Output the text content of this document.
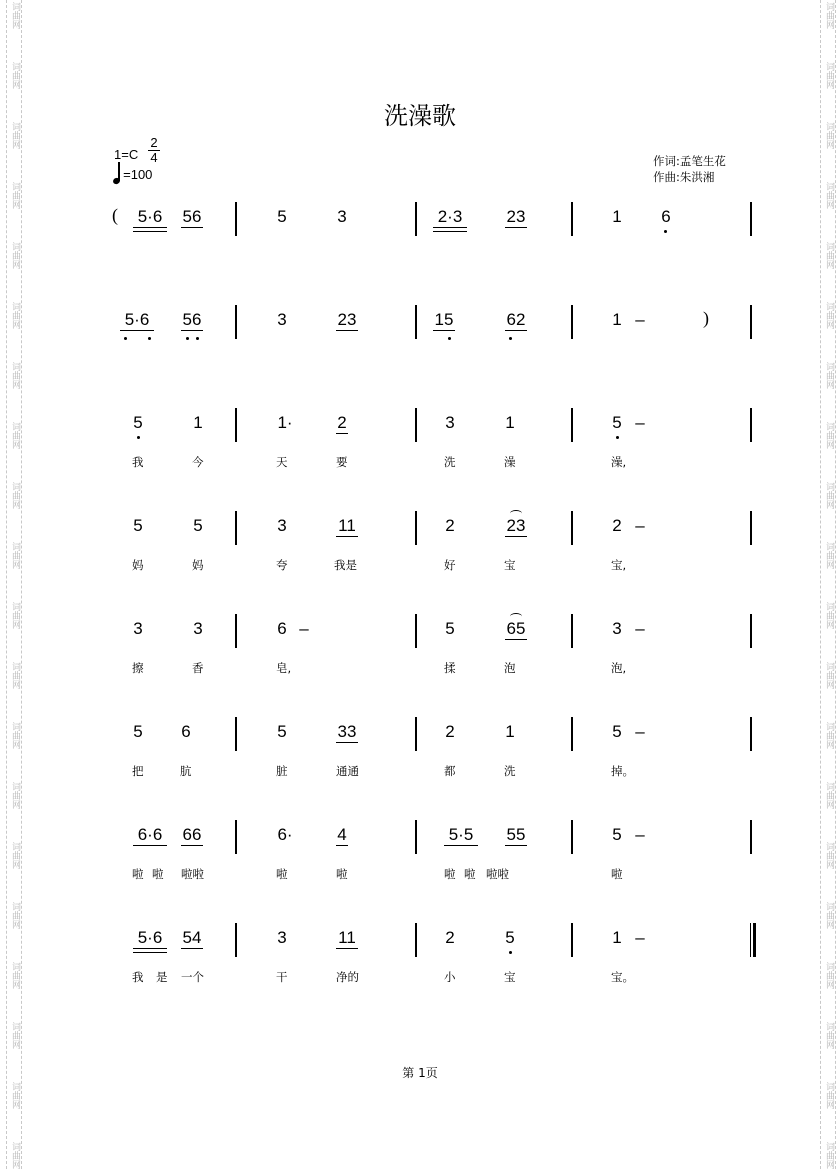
洗澡歌
1=C
2
4
=100
作词:孟笔生花
作曲:朱洪湘
( 5·6 56	5	3	2·3	23	1 6
5·6 56	3	23	15	62	1 –	)
5	1	1·	2	3	1	5 –
我	今	天	要	洗	澡	澡,
5	5	3	11	2	23	2 –
妈	妈	夸	我是	好	宝	宝,
3	3	6 –	5	65	3 –
擦	香	皂,	揉	泡	泡,
5 6	5	33	2	1	5 –
把	肮	脏	通通	都	洗	掉。
6·6 66	6·	4	5·5 55	5 –
啦 啦 啦啦	啦	啦	啦 啦 啦啦	啦
5·6 54	3	11	2	5	1 –
我 是 一个	干	净的	小	宝	宝。
第 1页
词曲网
词曲网
词曲网
词曲网
词曲网
词曲网
词曲网
词曲网
词曲网
词曲网
词曲网
词曲网
词曲网
词曲网
词曲网
词曲网
词曲网
词曲网
词曲网
词曲网
词曲网
词曲网
词曲网
词曲网
词曲网
词曲网
词曲网
词曲网
词曲网
词曲网
词曲网
词曲网
词曲网
词曲网
词曲网
词曲网
词曲网
词曲网
词曲网
词曲网
